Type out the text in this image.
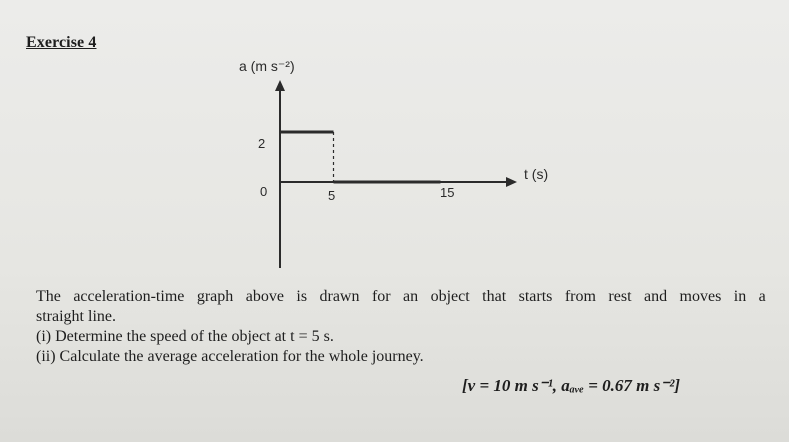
Exercise 4
a (m s⁻²)
t (s)
2
0	5	15
The acceleration-time graph above is drawn for an object that starts from rest and moves in a
straight line.
(i) Determine the speed of the object at t = 5 s.
(ii) Calculate the average acceleration for the whole journey.
[v = 10 m s⁻¹, aₐᵥₑ = 0.67 m s⁻²]
